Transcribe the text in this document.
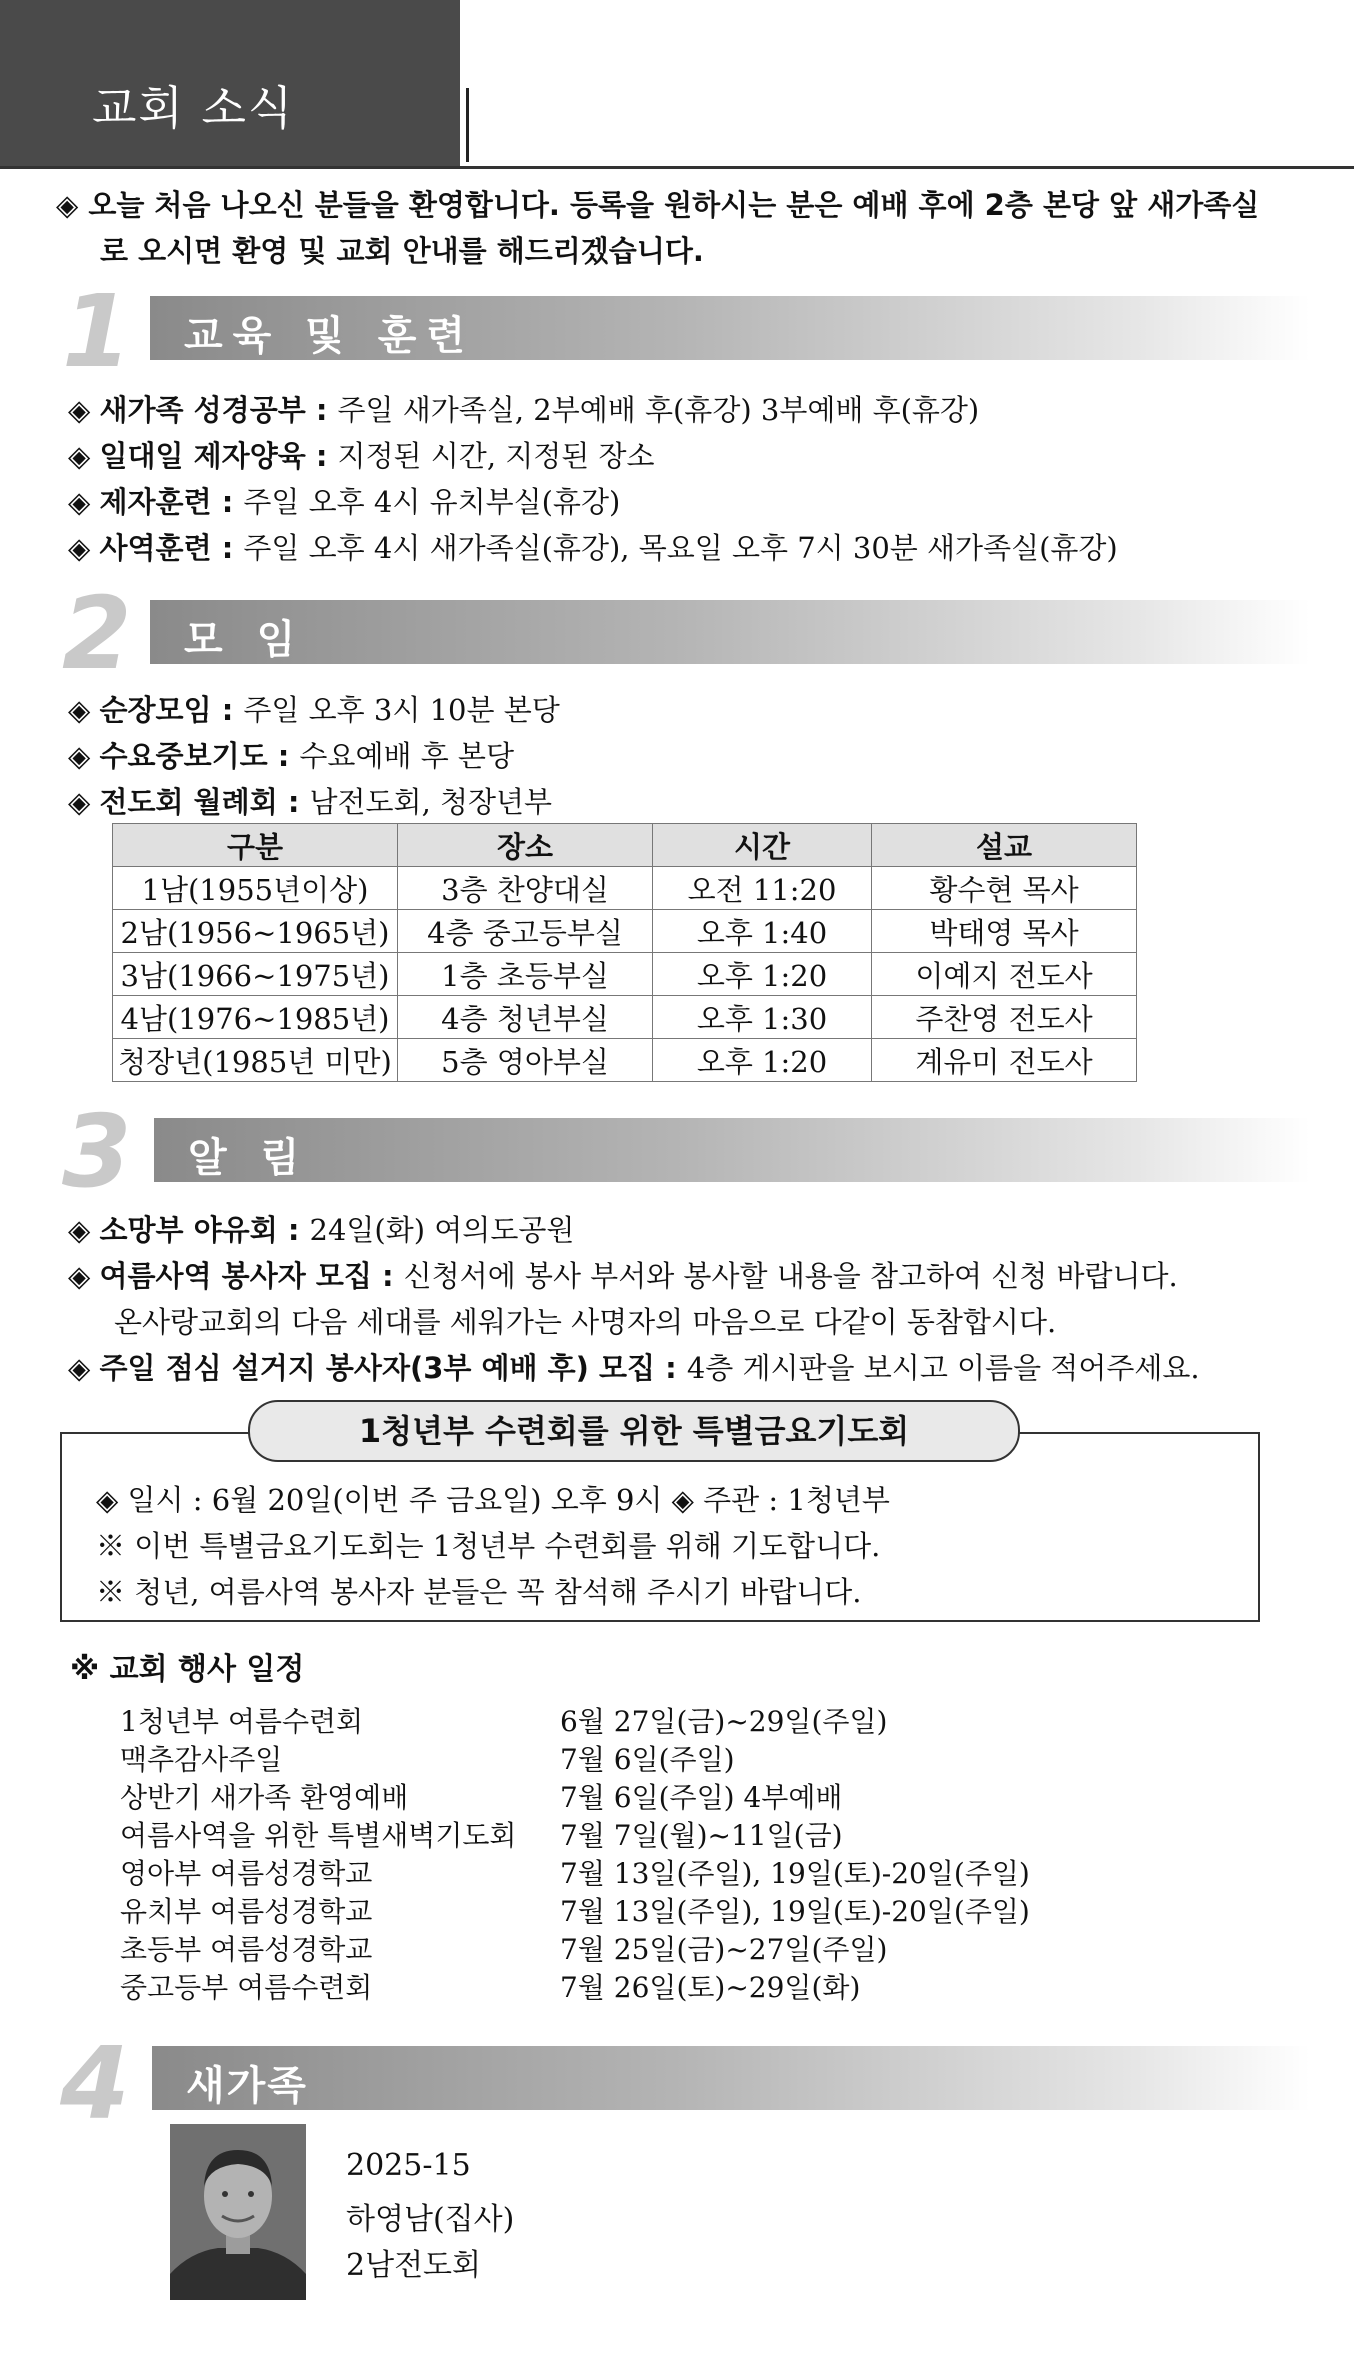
교회 소식
◈ 오늘 처음 나오신 분들을 환영합니다. 등록을 원하시는 분은 예배 후에 2층 본당 앞 새가족실
로 오시면 환영 및 교회 안내를 해드리겠습니다.
1 교육 및 훈련
◈ 새가족 성경공부 : 주일 새가족실, 2부예배 후(휴강) 3부예배 후(휴강)
◈ 일대일 제자양육 : 지정된 시간, 지정된 장소
◈ 제자훈련 : 주일 오후 4시 유치부실(휴강)
◈ 사역훈련 : 주일 오후 4시 새가족실(휴강), 목요일 오후 7시 30분 새가족실(휴강)
2 모 임
◈ 순장모임 : 주일 오후 3시 10분 본당
◈ 수요중보기도 : 수요예배 후 본당
◈ 전도회 월례회 : 남전도회, 청장년부
구분	장소	시간	설교
1남(1955년이상)	3층 찬양대실	오전 11:20	황수현 목사
2남(1956~1965년)	4층 중고등부실	오후 1:40	박태영 목사
3남(1966~1975년)	1층 초등부실	오후 1:20	이예지 전도사
4남(1976~1985년)	4층 청년부실	오후 1:30	주찬영 전도사
청장년(1985년 미만)	5층 영아부실	오후 1:20	계유미 전도사
3 알 림
◈ 소망부 야유회 : 24일(화) 여의도공원
◈ 여름사역 봉사자 모집 : 신청서에 봉사 부서와 봉사할 내용을 참고하여 신청 바랍니다.
온사랑교회의 다음 세대를 세워가는 사명자의 마음으로 다같이 동참합시다.
◈ 주일 점심 설거지 봉사자(3부 예배 후) 모집 : 4층 게시판을 보시고 이름을 적어주세요.
1청년부 수련회를 위한 특별금요기도회
◈ 일시 : 6월 20일(이번 주 금요일) 오후 9시 ◈ 주관 : 1청년부
※ 이번 특별금요기도회는 1청년부 수련회를 위해 기도합니다.
※ 청년, 여름사역 봉사자 분들은 꼭 참석해 주시기 바랍니다.
※ 교회 행사 일정
1청년부 여름수련회	6월 27일(금)~29일(주일)
맥추감사주일	7월 6일(주일)
상반기 새가족 환영예배	7월 6일(주일) 4부예배
여름사역을 위한 특별새벽기도회 7월 7일(월)~11일(금)
영아부 여름성경학교	7월 13일(주일), 19일(토)-20일(주일)
유치부 여름성경학교	7월 13일(주일), 19일(토)-20일(주일)
초등부 여름성경학교	7월 25일(금)~27일(주일)
중고등부 여름수련회	7월 26일(토)~29일(화)
4 새가족
2025-15
하영남(집사)
2남전도회
